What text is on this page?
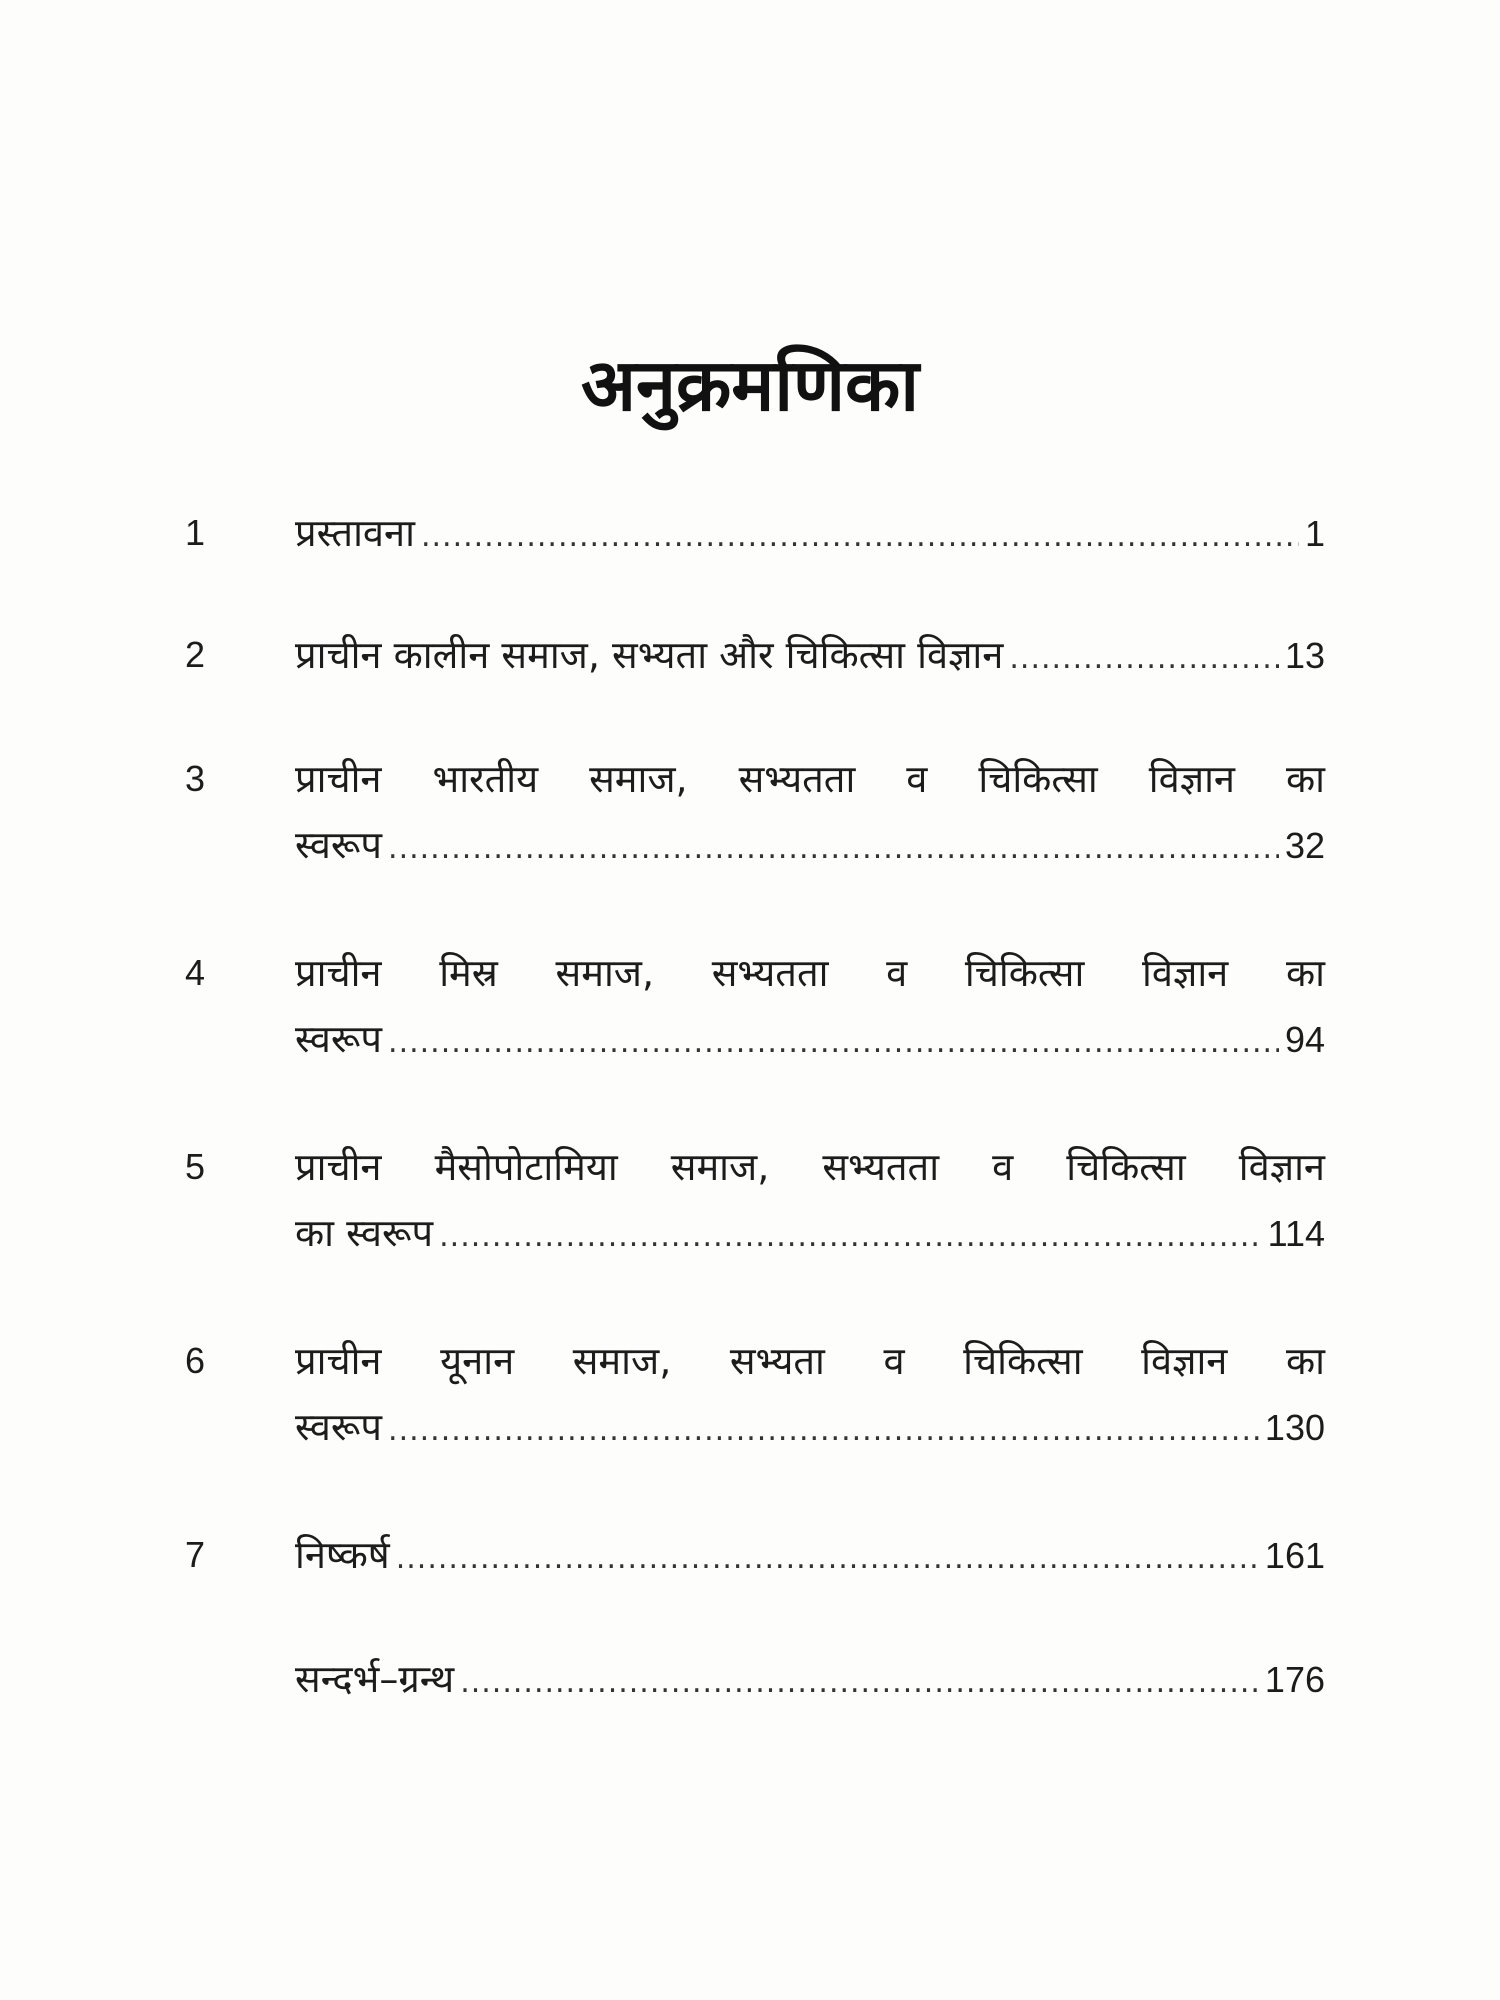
अनुक्रमणिका
1	प्रस्तावना .....	1
2	प्राचीन कालीन समाज, सभ्यता और चिकित्सा विज्ञान .....	13
3	प्राचीन भारतीय समाज, सभ्यतता व चिकित्सा विज्ञान का
स्वरूप .....	32
4	प्राचीन मिस्र समाज, सभ्यतता व चिकित्सा विज्ञान का
स्वरूप .....	94
5	प्राचीन मैसोपोटामिया समाज, सभ्यतता व चिकित्सा विज्ञान
का स्वरूप .....	114
6	प्राचीन यूनान समाज, सभ्यता व चिकित्सा विज्ञान का
स्वरूप .....	130
7	निष्कर्ष .....	161
सन्दर्भ–ग्रन्थ .....	176
